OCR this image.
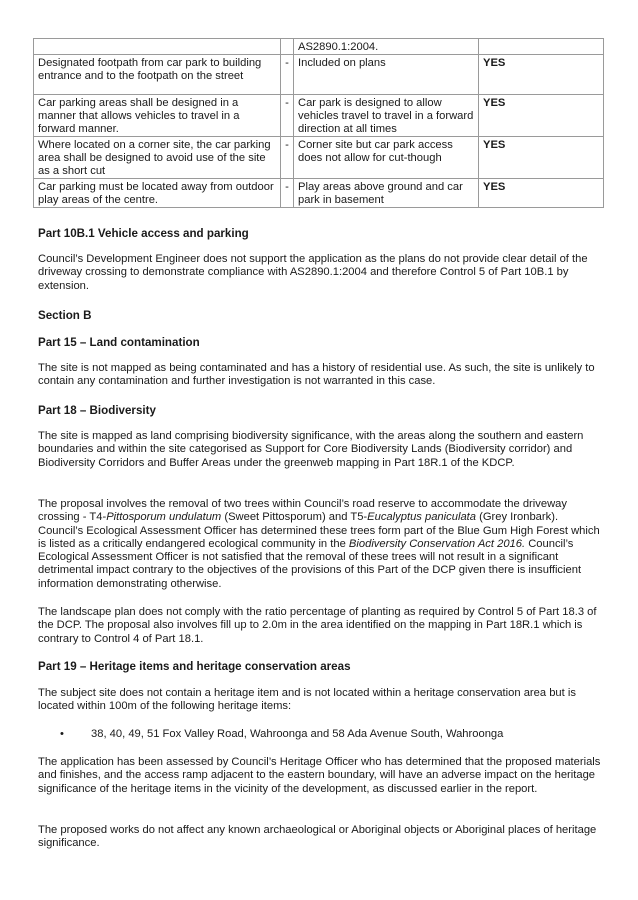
		AS2890.1:2004.	
Designated footpath from car park to building entrance and to the footpath on the street	-	Included on plans	YES
Car parking areas shall be designed in a manner that allows vehicles to travel in a forward manner.	-	Car park is designed to allow vehicles travel to travel in a forward direction at all times	YES
Where located on a corner site, the car parking area shall be designed to avoid use of the site as a short cut	-	Corner site but car park access does not allow for cut-though	YES
Car parking must be located away from outdoor play areas of the centre.	-	Play areas above ground and car park in basement	YES
Part 10B.1 Vehicle access and parking

Council’s Development Engineer does not support the application as the plans do not provide clear detail of the driveway crossing to demonstrate compliance with AS2890.1:2004 and therefore Control 5 of Part 10B.1 by extension.

Section B
Part 15 – Land contamination

The site is not mapped as being contaminated and has a history of residential use. As such, the site is unlikely to contain any contamination and further investigation is not warranted in this case.

Part 18 – Biodiversity

The site is mapped as land comprising biodiversity significance, with the areas along the southern and eastern boundaries and within the site categorised as Support for Core Biodiversity Lands (Biodiversity corridor) and Biodiversity Corridors and Buffer Areas under the greenweb mapping in Part 18R.1 of the KDCP.

The proposal involves the removal of two trees within Council’s road reserve to accommodate the driveway crossing - T4-Pittosporum undulatum (Sweet Pittosporum) and T5-Eucalyptus paniculata (Grey Ironbark). Council’s Ecological Assessment Officer has determined these trees form part of the Blue Gum High Forest which is listed as a critically endangered ecological community in the Biodiversity Conservation Act 2016. Council’s Ecological Assessment Officer is not satisfied that the removal of these trees will not result in a significant detrimental impact contrary to the objectives of the provisions of this Part of the DCP given there is insufficient information demonstrating otherwise.

The landscape plan does not comply with the ratio percentage of planting as required by Control 5 of Part 18.3 of the DCP. The proposal also involves fill up to 2.0m in the area identified on the mapping in Part 18R.1 which is contrary to Control 4 of Part 18.1.

Part 19 – Heritage items and heritage conservation areas

The subject site does not contain a heritage item and is not located within a heritage conservation area but is located within 100m of the following heritage items:

• 38, 40, 49, 51 Fox Valley Road, Wahroonga and 58 Ada Avenue South, Wahroonga

The application has been assessed by Council’s Heritage Officer who has determined that the proposed materials and finishes, and the access ramp adjacent to the eastern boundary, will have an adverse impact on the heritage significance of the heritage items in the vicinity of the development, as discussed earlier in the report.

The proposed works do not affect any known archaeological or Aboriginal objects or Aboriginal places of heritage significance.
